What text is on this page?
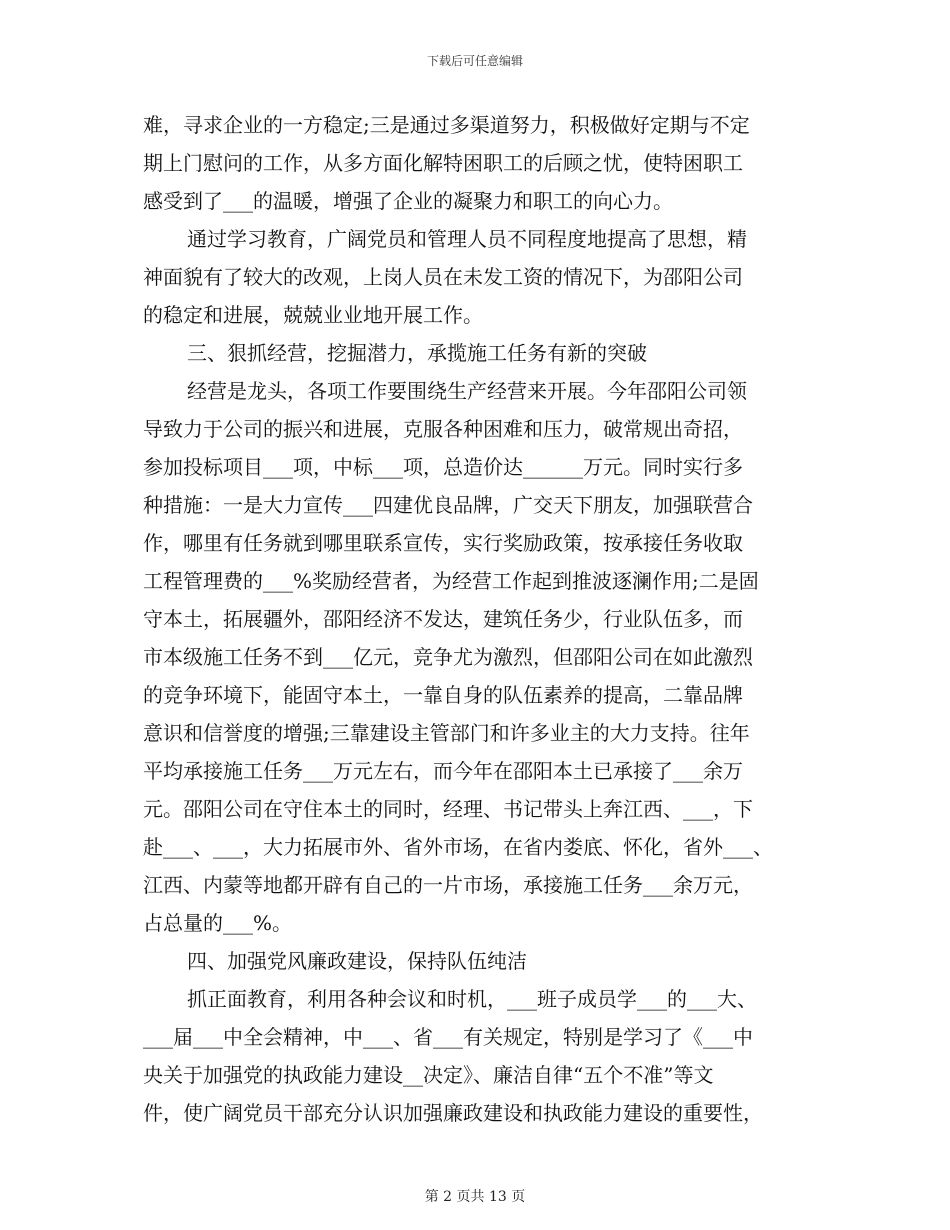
下载后可任意编辑
难，寻求企业的一方稳定;三是通过多渠道努力，积极做好定期与不定
期上门慰问的工作，从多方面化解特困职工的后顾之忧，使特困职工
感受到了___的温暖，增强了企业的凝聚力和职工的向心力。
通过学习教育，广阔党员和管理人员不同程度地提高了思想，精
神面貌有了较大的改观，上岗人员在未发工资的情况下，为邵阳公司
的稳定和进展，兢兢业业地开展工作。
三、狠抓经营，挖掘潜力，承揽施工任务有新的突破
经营是龙头，各项工作要围绕生产经营来开展。今年邵阳公司领
导致力于公司的振兴和进展，克服各种困难和压力，破常规出奇招，
参加投标项目___项，中标___项，总造价达______万元。同时实行多
种措施：一是大力宣传___四建优良品牌，广交天下朋友，加强联营合
作，哪里有任务就到哪里联系宣传，实行奖励政策，按承接任务收取
工程管理费的___%奖励经营者，为经营工作起到推波逐澜作用;二是固
守本土，拓展疆外，邵阳经济不发达，建筑任务少，行业队伍多，而
市本级施工任务不到___亿元，竞争尤为激烈，但邵阳公司在如此激烈
的竞争环境下，能固守本土，一靠自身的队伍素养的提高，二靠品牌
意识和信誉度的增强;三靠建设主管部门和许多业主的大力支持。往年
平均承接施工任务___万元左右，而今年在邵阳本土已承接了___余万
元。邵阳公司在守住本土的同时，经理、书记带头上奔江西、___，下
赴___、___，大力拓展市外、省外市场，在省内娄底、怀化，省外___、
江西、内蒙等地都开辟有自己的一片市场，承接施工任务___余万元，
占总量的___%。
四、加强党风廉政建设，保持队伍纯洁
抓正面教育，利用各种会议和时机，___班子成员学___的___大、
___届___中全会精神，中___、省___有关规定，特别是学习了《___中
央关于加强党的执政能力建设__决定》、廉洁自律“五个不准”等文
件，使广阔党员干部充分认识加强廉政建设和执政能力建设的重要性，
第 2 页共 13 页
